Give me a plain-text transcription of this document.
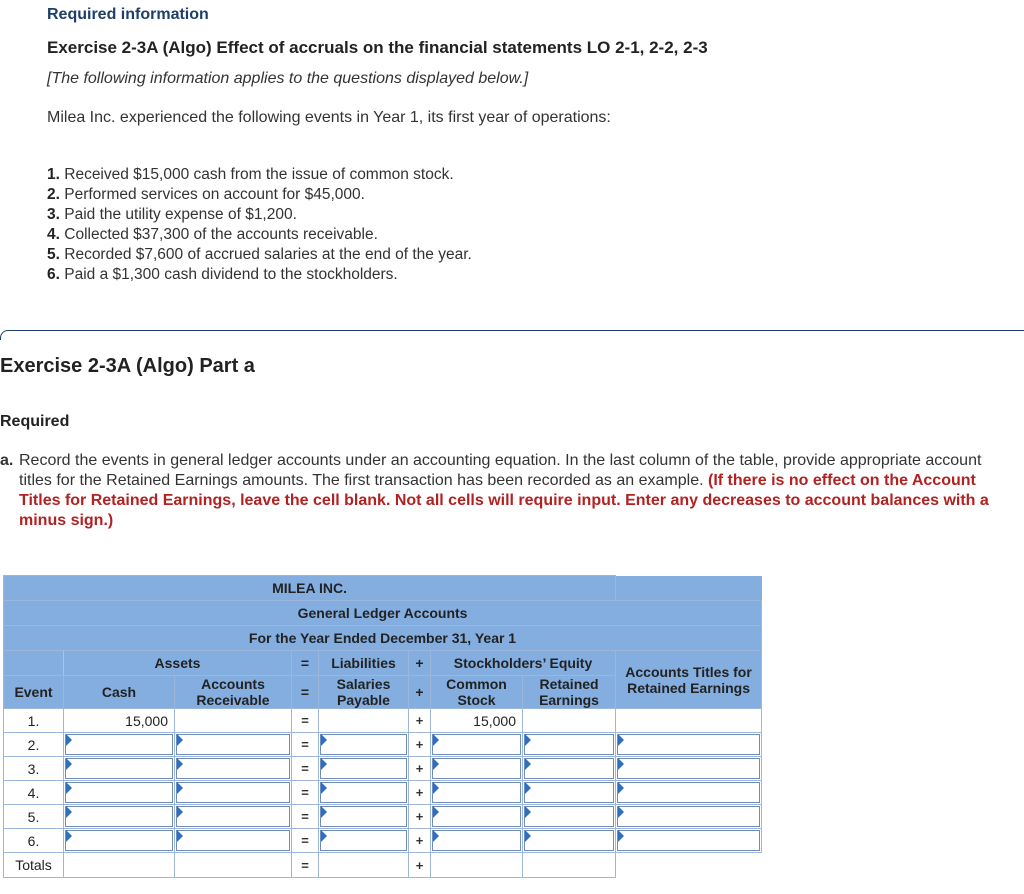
Required information
Exercise 2-3A (Algo) Effect of accruals on the financial statements LO 2-1, 2-2, 2-3
[The following information applies to the questions displayed below.]
Milea Inc. experienced the following events in Year 1, its first year of operations:
1. Received $15,000 cash from the issue of common stock.
2. Performed services on account for $45,000.
3. Paid the utility expense of $1,200.
4. Collected $37,300 of the accounts receivable.
5. Recorded $7,600 of accrued salaries at the end of the year.
6. Paid a $1,300 cash dividend to the stockholders.
Exercise 2-3A (Algo) Part a
Required
a. Record the events in general ledger accounts under an accounting equation. In the last column of the table, provide appropriate account titles for the Retained Earnings amounts. The first transaction has been recorded as an example. (If there is no effect on the Account Titles for Retained Earnings, leave the cell blank. Not all cells will require input. Enter any decreases to account balances with a minus sign.)
MILEA INC.								
General Ledger Accounts								
For the Year Ended December 31, Year 1								
	Assets		=	Liabilities	+	Stockholders’ Equity		Accounts Titles for Retained Earnings
Event	Cash	Accounts Receivable	=	Salaries Payable	+	Common Stock	Retained Earnings	
1.	15,000		=		+	15,000		
2.			=		+	

3.			=		+	

4.			=		+	

5.			=		+	

6.			=		+	

Totals			=		+			
